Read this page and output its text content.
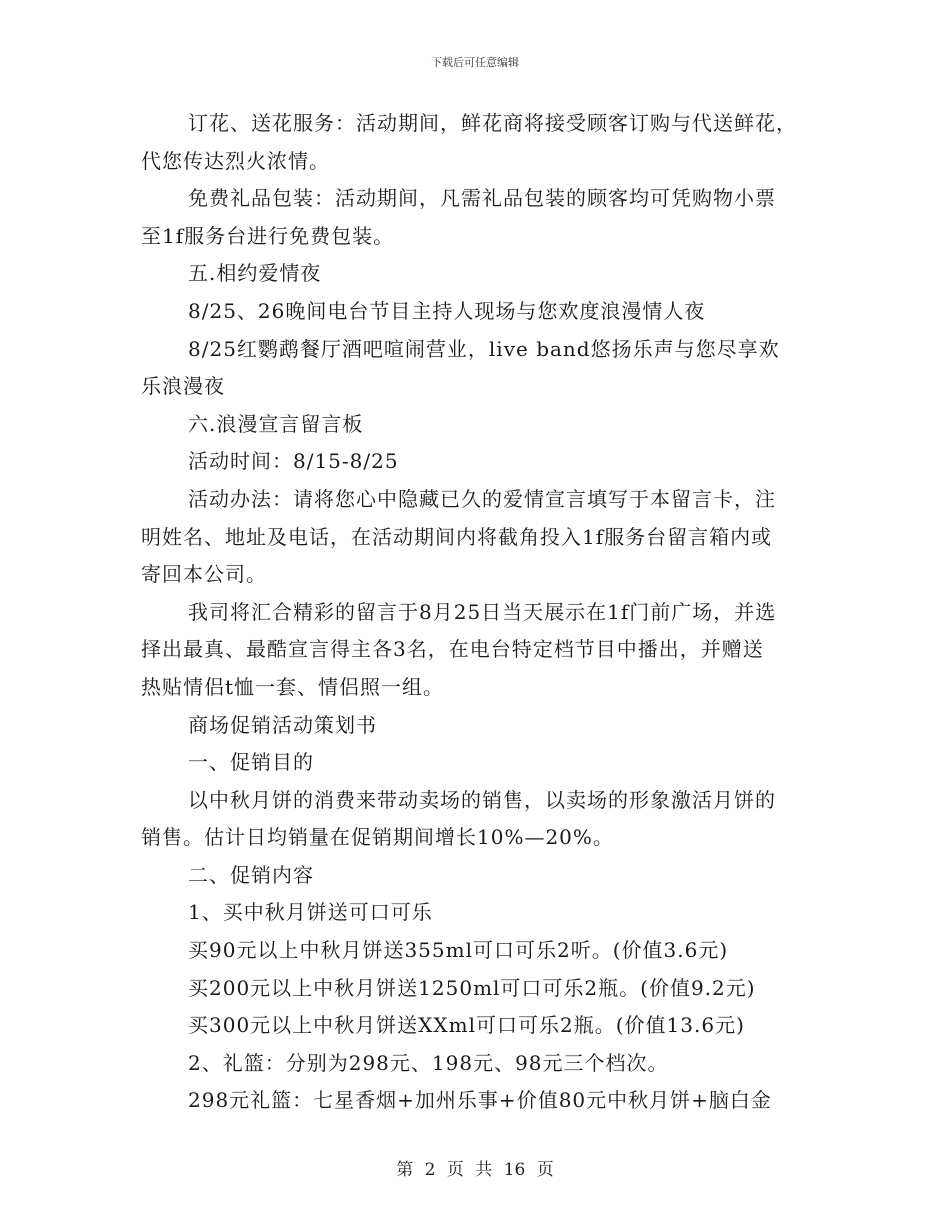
下载后可任意编辑
订花、送花服务：活动期间，鲜花商将接受顾客订购与代送鲜花，
代您传达烈火浓情。
免费礼品包装：活动期间，凡需礼品包装的顾客均可凭购物小票
至1f服务台进行免费包装。
五.相约爱情夜
8/25、26晚间电台节目主持人现场与您欢度浪漫情人夜
8/25红鹦鹉餐厅酒吧喧闹营业，live band悠扬乐声与您尽享欢
乐浪漫夜
六.浪漫宣言留言板
活动时间：8/15-8/25
活动办法：请将您心中隐藏已久的爱情宣言填写于本留言卡，注
明姓名、地址及电话，在活动期间内将截角投入1f服务台留言箱内或
寄回本公司。
我司将汇合精彩的留言于8月25日当天展示在1f门前广场，并选
择出最真、最酷宣言得主各3名，在电台特定档节目中播出，并赠送
热贴情侣t恤一套、情侣照一组。
商场促销活动策划书
一、促销目的
以中秋月饼的消费来带动卖场的销售，以卖场的形象激活月饼的
销售。估计日均销量在促销期间增长10%—20%。
二、促销内容
1、买中秋月饼送可口可乐
买90元以上中秋月饼送355ml可口可乐2听。(价值3.6元)
买200元以上中秋月饼送1250ml可口可乐2瓶。(价值9.2元)
买300元以上中秋月饼送XXml可口可乐2瓶。(价值13.6元)
2、礼篮：分别为298元、198元、98元三个档次。
298元礼篮：七星香烟+加州乐事+价值80元中秋月饼+脑白金
第 2 页 共 16 页
